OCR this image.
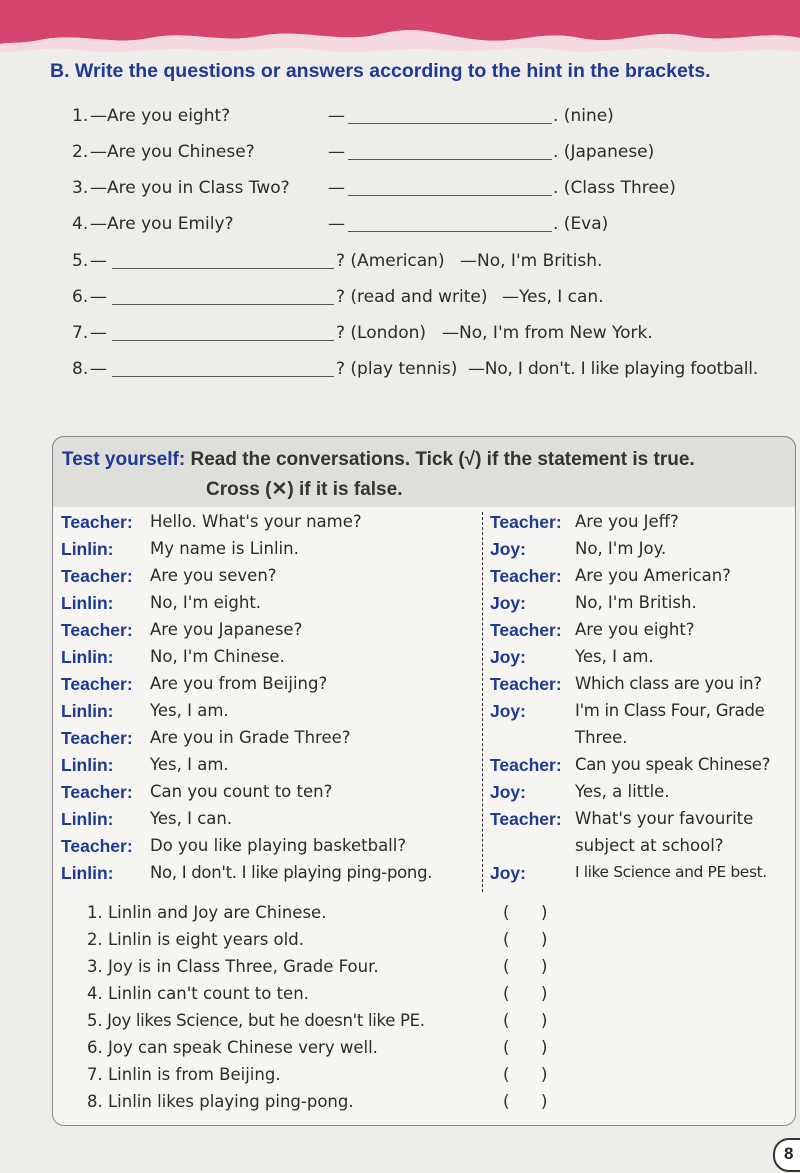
B. Write the questions or answers according to the hint in the brackets.
1. —Are you eight?	—	. (nine)
2. —Are you Chinese?	—	. (Japanese)
3. —Are you in Class Two? —	. (Class Three)
4. —Are you Emily?	—	. (Eva)
5. —	? (American) —No, I'm British.
6. —	? (read and write) —Yes, I can.
7. —	? (London) —No, I'm from New York.
8. —	? (play tennis) —No, I don't. I like playing football.
Test yourself: Read the conversations. Tick (√) if the statement is true.
Cross (✕) if it is false.
Teacher: Hello. What's your name?
Linlin: My name is Linlin.
Teacher: Are you seven?
Linlin: No, I'm eight.
Teacher: Are you Japanese?
Linlin: No, I'm Chinese.
Teacher: Are you from Beijing?
Linlin: Yes, I am.
Teacher: Are you in Grade Three?
Linlin: Yes, I am.
Teacher: Can you count to ten?
Linlin: Yes, I can.
Teacher: Do you like playing basketball?
Linlin: No, I don't. I like playing ping-pong.
Teacher: Are you Jeff?
Joy:	No, I'm Joy.
Teacher: Are you American?
Joy:	No, I'm British.
Teacher: Are you eight?
Joy:	Yes, I am.
Teacher: Which class are you in?
Joy:	I'm in Class Four, Grade
Three.
Teacher: Can you speak Chinese?
Joy:	Yes, a little.
Teacher: What's your favourite
subject at school?
Joy:	I like Science and PE best.
1. Linlin and Joy are Chinese.	( )
2. Linlin is eight years old.	( )
3. Joy is in Class Three, Grade Four.	( )
4. Linlin can't count to ten.	( )
5. Joy likes Science, but he doesn't like PE.	( )
6. Joy can speak Chinese very well.	( )
7. Linlin is from Beijing.	( )
8. Linlin likes playing ping-pong.	( )
8
